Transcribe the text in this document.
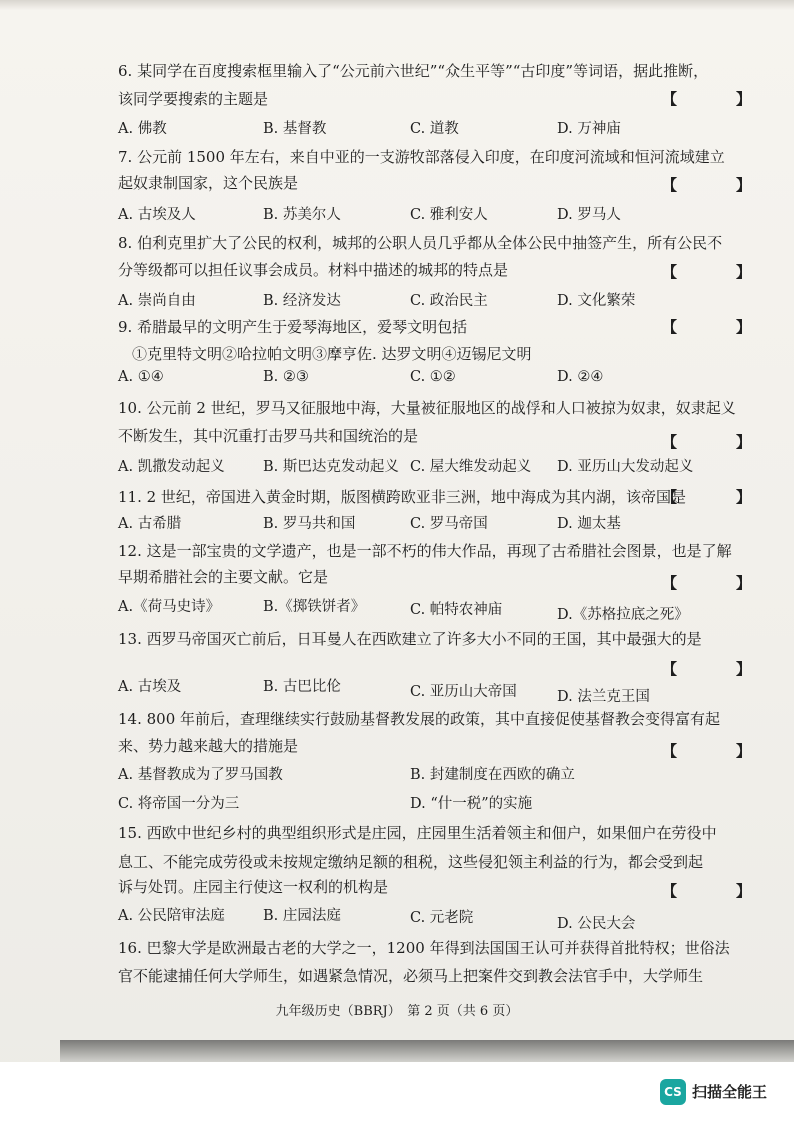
6. 某同学在百度搜索框里输入了“公元前六世纪”“众生平等”“古印度”等词语，据此推断，
该同学要搜索的主题是	【　】
A. 佛教	B. 基督教	C. 道教	D. 万神庙
7. 公元前 1500 年左右，来自中亚的一支游牧部落侵入印度，在印度河流域和恒河流域建立
起奴隶制国家，这个民族是	【　】
A. 古埃及人	B. 苏美尔人	C. 雅利安人	D. 罗马人
8. 伯利克里扩大了公民的权利，城邦的公职人员几乎都从全体公民中抽签产生，所有公民不
分等级都可以担任议事会成员。材料中描述的城邦的特点是	【　】
A. 崇尚自由	B. 经济发达	C. 政治民主	D. 文化繁荣
9. 希腊最早的文明产生于爱琴海地区，爱琴文明包括	【　】
①克里特文明②哈拉帕文明③摩亨佐. 达罗文明④迈锡尼文明
A. ①④	B. ②③	C. ①②	D. ②④
10. 公元前 2 世纪，罗马又征服地中海，大量被征服地区的战俘和人口被掠为奴隶，奴隶起义
不断发生，其中沉重打击罗马共和国统治的是	【　】
A. 凯撒发动起义	B. 斯巴达克发动起义 C. 屋大维发动起义 D. 亚历山大发动起义
11. 2 世纪，帝国进入黄金时期，版图横跨欧亚非三洲，地中海成为其内湖，该帝国是
【　】
A. 古希腊	B. 罗马共和国	C. 罗马帝国	D. 迦太基
12. 这是一部宝贵的文学遗产，也是一部不朽的伟大作品，再现了古希腊社会图景，也是了解
早期希腊社会的主要文献。它是	【　】
A.《荷马史诗》	B.《掷铁饼者》	C. 帕特农神庙	D.《苏格拉底之死》
13. 西罗马帝国灭亡前后，日耳曼人在西欧建立了许多大小不同的王国，其中最强大的是
【　】
A. 古埃及	B. 古巴比伦	C. 亚历山大帝国	D. 法兰克王国
14. 800 年前后，查理继续实行鼓励基督教发展的政策，其中直接促使基督教会变得富有起
来、势力越来越大的措施是	【　】
A. 基督教成为了罗马国教	B. 封建制度在西欧的确立
C. 将帝国一分为三	D. “什一税”的实施
15. 西欧中世纪乡村的典型组织形式是庄园，庄园里生活着领主和佃户，如果佃户在劳役中
息工、不能完成劳役或未按规定缴纳足额的租税，这些侵犯领主利益的行为，都会受到起
诉与处罚。庄园主行使这一权利的机构是	【　】
A. 公民陪审法庭	B. 庄园法庭	C. 元老院	D. 公民大会
16. 巴黎大学是欧洲最古老的大学之一，1200 年得到法国国王认可并获得首批特权；世俗法
官不能逮捕任何大学师生，如遇紧急情况，必须马上把案件交到教会法官手中，大学师生
九年级历史（BBRJ）　第 2 页（共 6 页）
CS 扫描全能王
